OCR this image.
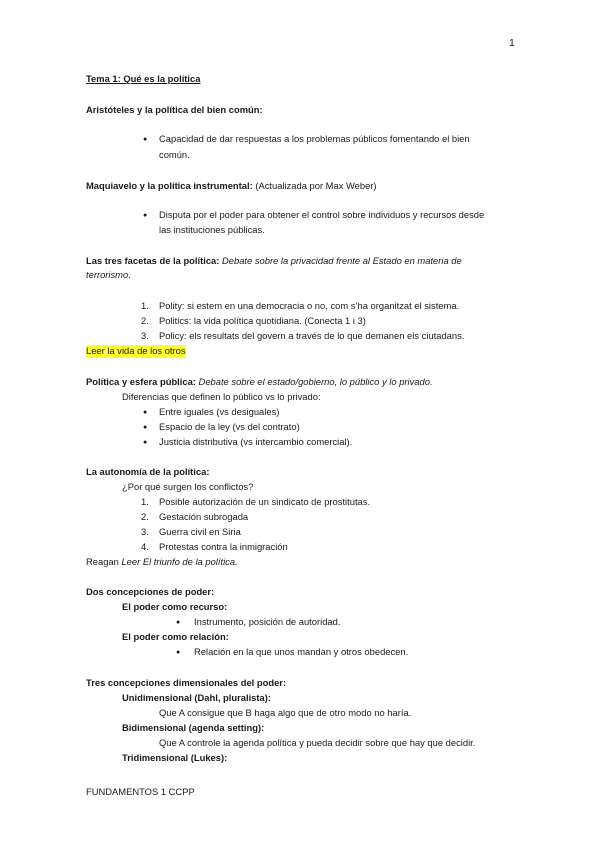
1
Tema 1: Qué es la política
Aristóteles y la política del bien común:
● Capacidad de dar respuestas a los problemas públicos fomentando el bien
común.
Maquiavelo y la política instrumental: (Actualizada por Max Weber)
● Disputa por el poder para obtener el control sobre individuos y recursos desde
las instituciones públicas.
Las tres facetas de la política: Debate sobre la privacidad frente al Estado en materia de
terrorismo.
1. Polity: si estem en una democracia o no, com s’ha organitzat el sistema.
2. Politics: la vida política quotidiana. (Conecta 1 i 3)
3. Policy: els resultats del govern a través de lo que demanen els ciutadans.
Leer la vida de los otros
Política y esfera pública: Debate sobre el estado/gobierno, lo público y lo privado.
Diferencias que definen lo público vs lo privado:
● Entre iguales (vs desiguales)
● Espacio de la ley (vs del contrato)
● Justicia distributiva (vs intercambio comercial).
La autonomía de la política:
¿Por qué surgen los conflictos?
1. Posible autorización de un sindicato de prostitutas.
2. Gestación subrogada
3. Guerra civil en Siria
4. Protestas contra la inmigración
Reagan Leer El triunfo de la política.
Dos concepciones de poder:
El poder como recurso:
● Instrumento, posición de autoridad.
El poder como relación:
● Relación en la que unos mandan y otros obedecen.
Tres concepciones dimensionales del poder:
Unidimensional (Dahl, pluralista):
Que A consigue que B haga algo que de otro modo no haría.
Bidimensional (agenda setting):
Que A controle la agenda política y pueda decidir sobre que hay que decidir.
Tridimensional (Lukes):
FUNDAMENTOS 1 CCPP
